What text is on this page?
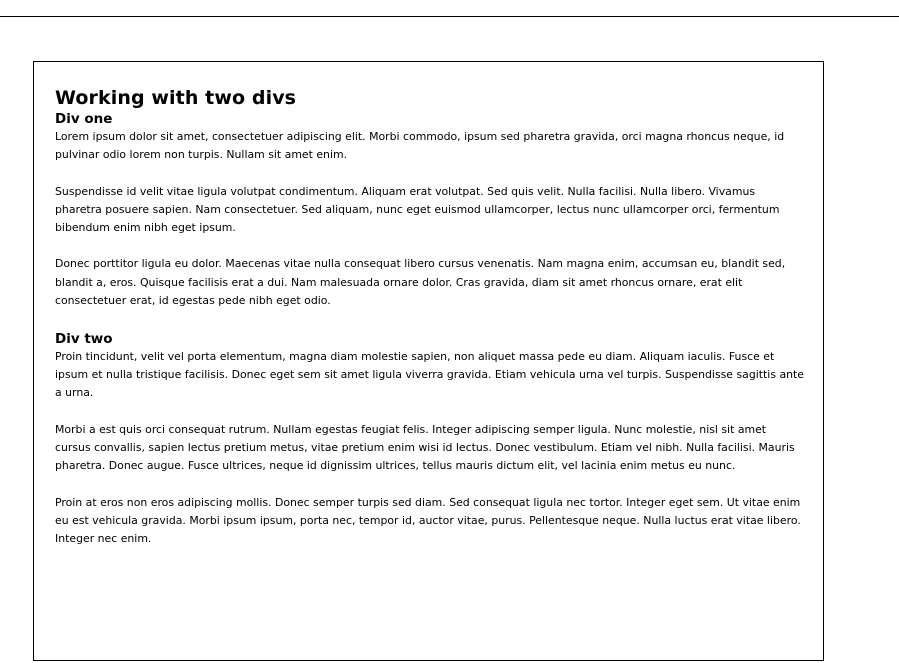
Working with two divs
Div one

Lorem ipsum dolor sit amet, consectetuer adipiscing elit. Morbi commodo, ipsum sed pharetra gravida, orci magna rhoncus neque, id pulvinar odio lorem non turpis. Nullam sit amet enim.

Suspendisse id velit vitae ligula volutpat condimentum. Aliquam erat volutpat. Sed quis velit. Nulla facilisi. Nulla libero. Vivamus pharetra posuere sapien. Nam consectetuer. Sed aliquam, nunc eget euismod ullamcorper, lectus nunc ullamcorper orci, fermentum bibendum enim nibh eget ipsum.

Donec porttitor ligula eu dolor. Maecenas vitae nulla consequat libero cursus venenatis. Nam magna enim, accumsan eu, blandit sed, blandit a, eros. Quisque facilisis erat a dui. Nam malesuada ornare dolor. Cras gravida, diam sit amet rhoncus ornare, erat elit consectetuer erat, id egestas pede nibh eget odio.

Div two

Proin tincidunt, velit vel porta elementum, magna diam molestie sapien, non aliquet massa pede eu diam. Aliquam iaculis. Fusce et ipsum et nulla tristique facilisis. Donec eget sem sit amet ligula viverra gravida. Etiam vehicula urna vel turpis. Suspendisse sagittis ante a urna.

Morbi a est quis orci consequat rutrum. Nullam egestas feugiat felis. Integer adipiscing semper ligula. Nunc molestie, nisl sit amet cursus convallis, sapien lectus pretium metus, vitae pretium enim wisi id lectus. Donec vestibulum. Etiam vel nibh. Nulla facilisi. Mauris pharetra. Donec augue. Fusce ultrices, neque id dignissim ultrices, tellus mauris dictum elit, vel lacinia enim metus eu nunc.

Proin at eros non eros adipiscing mollis. Donec semper turpis sed diam. Sed consequat ligula nec tortor. Integer eget sem. Ut vitae enim eu est vehicula gravida. Morbi ipsum ipsum, porta nec, tempor id, auctor vitae, purus. Pellentesque neque. Nulla luctus erat vitae libero. Integer nec enim.
